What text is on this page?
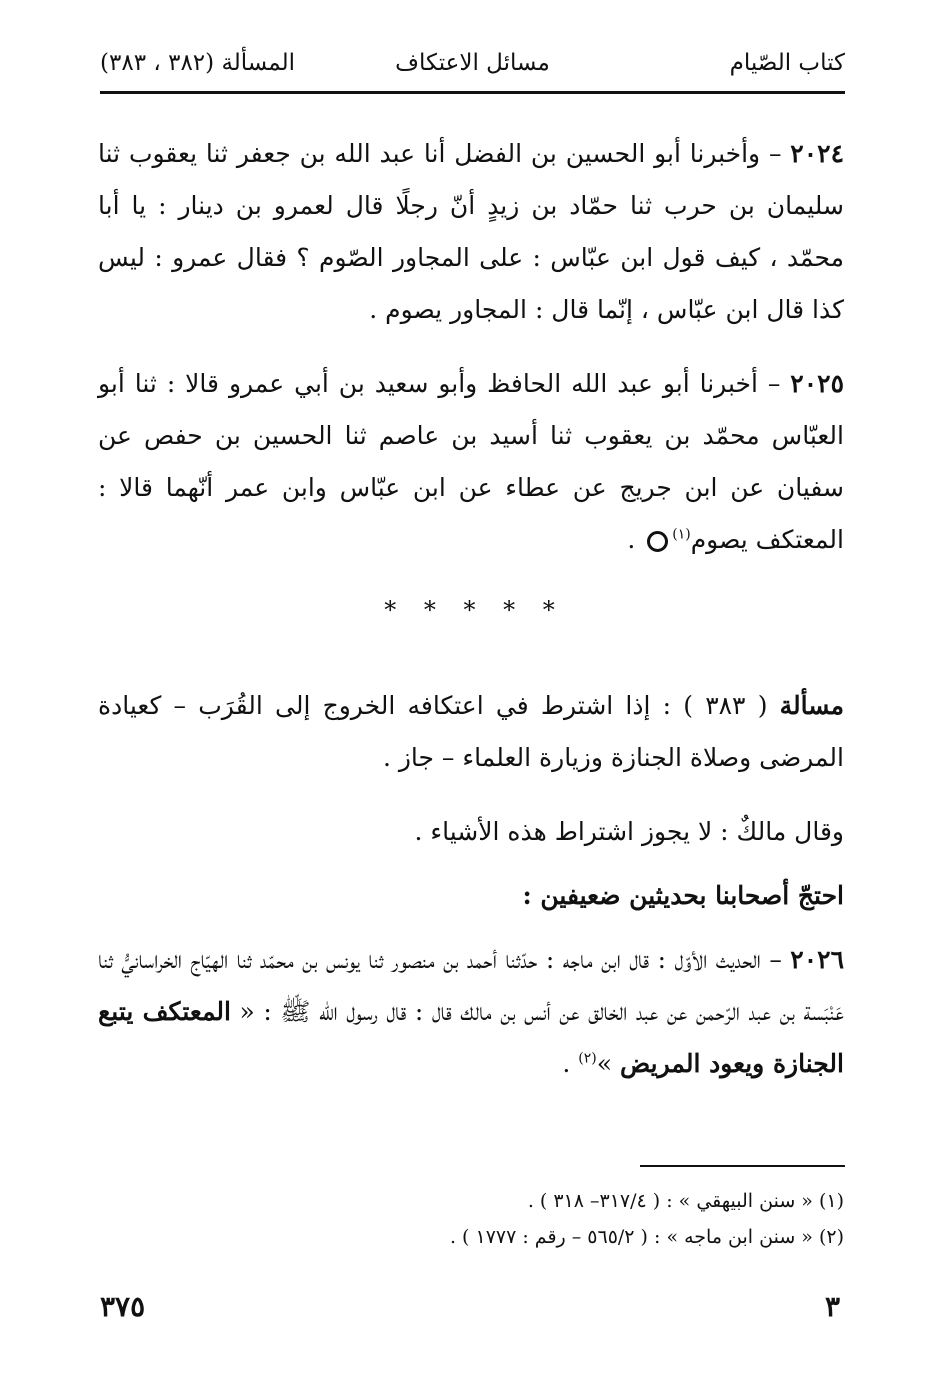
كتاب الصّيام
مسائل الاعتكاف
المسألة (٣٨٢ ، ٣٨٣)

٢٠٢٤ – وأخبرنا أبو الحسين بن الفضل أنا عبد الله بن جعفر ثنا يعقوب ثنا سليمان بن حرب ثنا حمّاد بن زيدٍ أنّ رجلًا قال لعمرو بن دينار : يا أبا محمّد ، كيف قول ابن عبّاس : على المجاور الصّوم ؟ فقال عمرو : ليس كذا قال ابن عبّاس ، إنّما قال : المجاور يصوم .

٢٠٢٥ – أخبرنا أبو عبد الله الحافظ وأبو سعيد بن أبي عمرو قالا : ثنا أبو العبّاس محمّد بن يعقوب ثنا أسيد بن عاصم ثنا الحسين بن حفص عن سفيان عن ابن جريج عن عطاء عن ابن عبّاس وابن عمر أنّهما قالا : المعتكف يصوم$^{(١)}$ .

* * * * *

مسألة ( ٣٨٣ ) : إذا اشترط في اعتكافه الخروج إلى القُرَب – كعيادة المرضى وصلاة الجنازة وزيارة العلماء – جاز .

وقال مالكٌ : لا يجوز اشتراط هذه الأشياء .

احتجّ أصحابنا بحديثين ضعيفين :

٢٠٢٦ – الحديث الأوّل : قال ابن ماجه : حدّثنا أحمد بن منصور ثنا يونس بن محمّد ثنا الهيّاج الخراسانيُّ ثنا عَنْبَسة بن عبد الرّحمن عن عبد الخالق عن أنس بن مالك قال : قال رسول الله ﷺ : « المعتكف يتبع الجنازة ويعود المريض »$^{(٢)}$ .

(١) « سنن البيهقي » : ( ٣١٧/٤– ٣١٨ ) .
(٢) « سنن ابن ماجه » : ( ٥٦٥/٢ – رقم : ١٧٧٧ ) .
٣
٣٧٥
